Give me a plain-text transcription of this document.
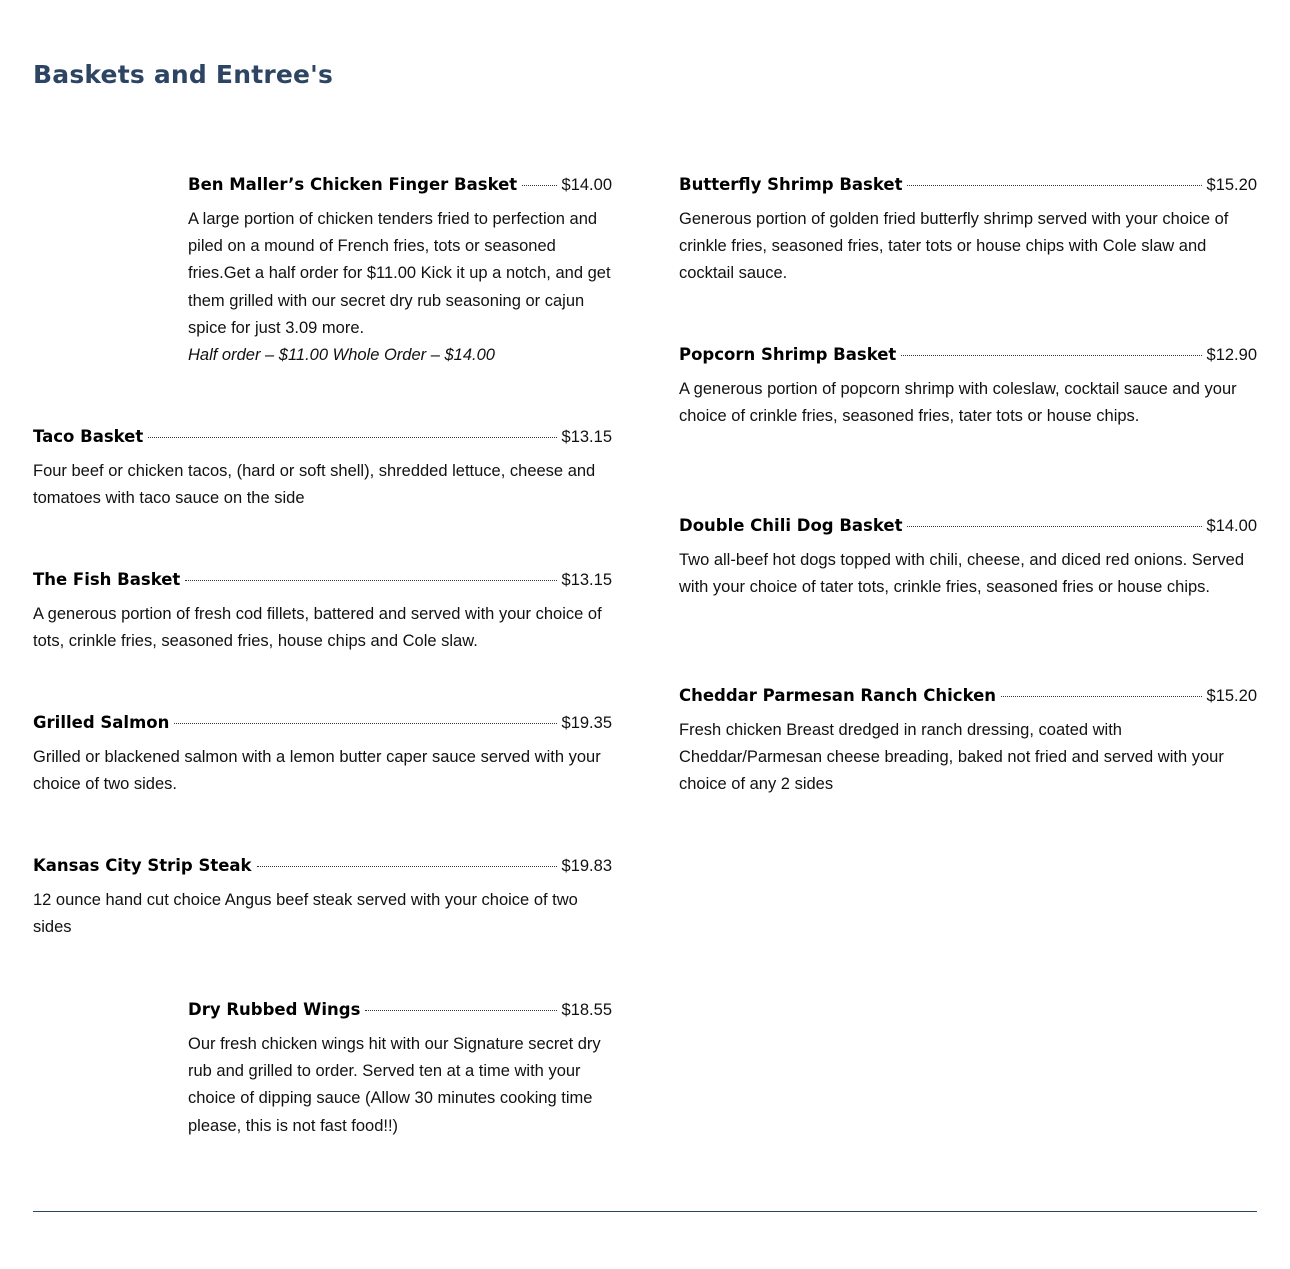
Baskets and Entree's
Ben Maller’s Chicken Finger Basket	$14.00

A large portion of chicken tenders fried to perfection and piled on a mound of French fries, tots or seasoned fries.Get a half order for $11.00 Kick it up a notch, and get them grilled with our secret dry rub seasoning or cajun spice for just 3.09 more.

Half order – $11.00 Whole Order – $14.00

Taco Basket	$13.15

Four beef or chicken tacos, (hard or soft shell), shredded lettuce, cheese and tomatoes with taco sauce on the side

The Fish Basket	$13.15

A generous portion of fresh cod fillets, battered and served with your choice of tots, crinkle fries, seasoned fries, house chips and Cole slaw.

Grilled Salmon	$19.35

Grilled or blackened salmon with a lemon butter caper sauce served with your choice of two sides.

Kansas City Strip Steak	$19.83

12 ounce hand cut choice Angus beef steak served with your choice of two sides

Dry Rubbed Wings	$18.55

Our fresh chicken wings hit with our Signature secret dry rub and grilled to order. Served ten at a time with your choice of dipping sauce (Allow 30 minutes cooking time please, this is not fast food!!)

Butterfly Shrimp Basket	$15.20

Generous portion of golden fried butterfly shrimp served with your choice of crinkle fries, seasoned fries, tater tots or house chips with Cole slaw and cocktail sauce.

Popcorn Shrimp Basket	$12.90

A generous portion of popcorn shrimp with coleslaw, cocktail sauce and your choice of crinkle fries, seasoned fries, tater tots or house chips.

Double Chili Dog Basket	$14.00

Two all-beef hot dogs topped with chili, cheese, and diced red onions. Served with your choice of tater tots, crinkle fries, seasoned fries or house chips.

Cheddar Parmesan Ranch Chicken	$15.20

Fresh chicken Breast dredged in ranch dressing, coated with Cheddar/Parmesan cheese breading, baked not fried and served with your choice of any 2 sides
